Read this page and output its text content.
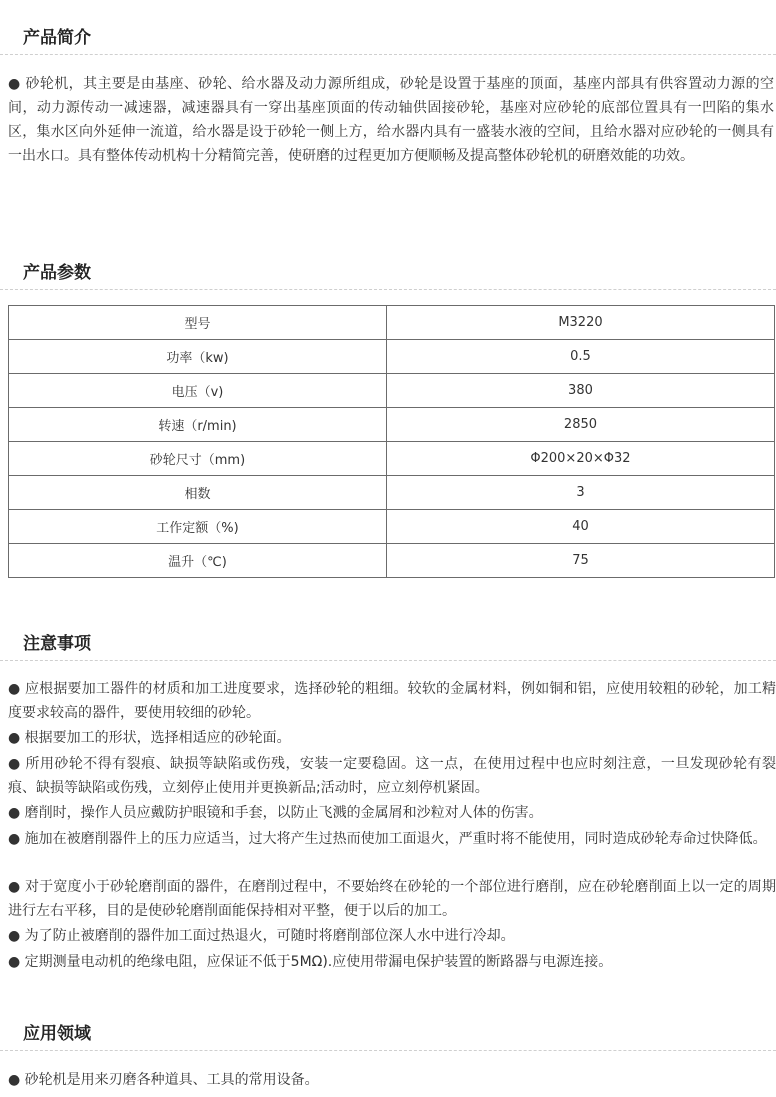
产品简介
● 砂轮机，其主要是由基座、砂轮、给水器及动力源所组成，砂轮是设置于基座的顶面，基座内部具有供容置动力源的空间，动力源传动一减速器，减速器具有一穿出基座顶面的传动轴供固接砂轮，基座对应砂轮的底部位置具有一凹陷的集水区，集水区向外延伸一流道，给水器是设于砂轮一侧上方，给水器内具有一盛装水液的空间，且给水器对应砂轮的一侧具有一出水口。具有整体传动机构十分精简完善，使研磨的过程更加方便顺畅及提高整体砂轮机的研磨效能的功效。
产品参数
型号	M3220
功率（kw)	0.5
电压（v)	380
转速（r/min)	2850
砂轮尺寸（mm)	Φ200×20×Φ32
相数	3
工作定额（%)	40
温升（℃)	75
注意事项
● 应根据要加工器件的材质和加工进度要求，选择砂轮的粗细。较软的金属材料，例如铜和铝，应使用较粗的砂轮，加工精度要求较高的器件，要使用较细的砂轮。
● 根据要加工的形状，选择相适应的砂轮面。
● 所用砂轮不得有裂痕、缺损等缺陷或伤残，安装一定要稳固。这一点，在使用过程中也应时刻注意，一旦发现砂轮有裂痕、缺损等缺陷或伤残，立刻停止使用并更换新品;活动时，应立刻停机紧固。
● 磨削时，操作人员应戴防护眼镜和手套，以防止飞溅的金属屑和沙粒对人体的伤害。
● 施加在被磨削器件上的压力应适当，过大将产生过热而使加工面退火，严重时将不能使用，同时造成砂轮寿命过快降低。
● 对于宽度小于砂轮磨削面的器件，在磨削过程中，不要始终在砂轮的一个部位进行磨削，应在砂轮磨削面上以一定的周期进行左右平移，目的是使砂轮磨削面能保持相对平整，便于以后的加工。
● 为了防止被磨削的器件加工面过热退火，可随时将磨削部位深人水中进行冷却。
● 定期测量电动机的绝缘电阻，应保证不低于5MΩ).应使用带漏电保护装置的断路器与电源连接。
应用领域
● 砂轮机是用来刃磨各种道具、工具的常用设备。
